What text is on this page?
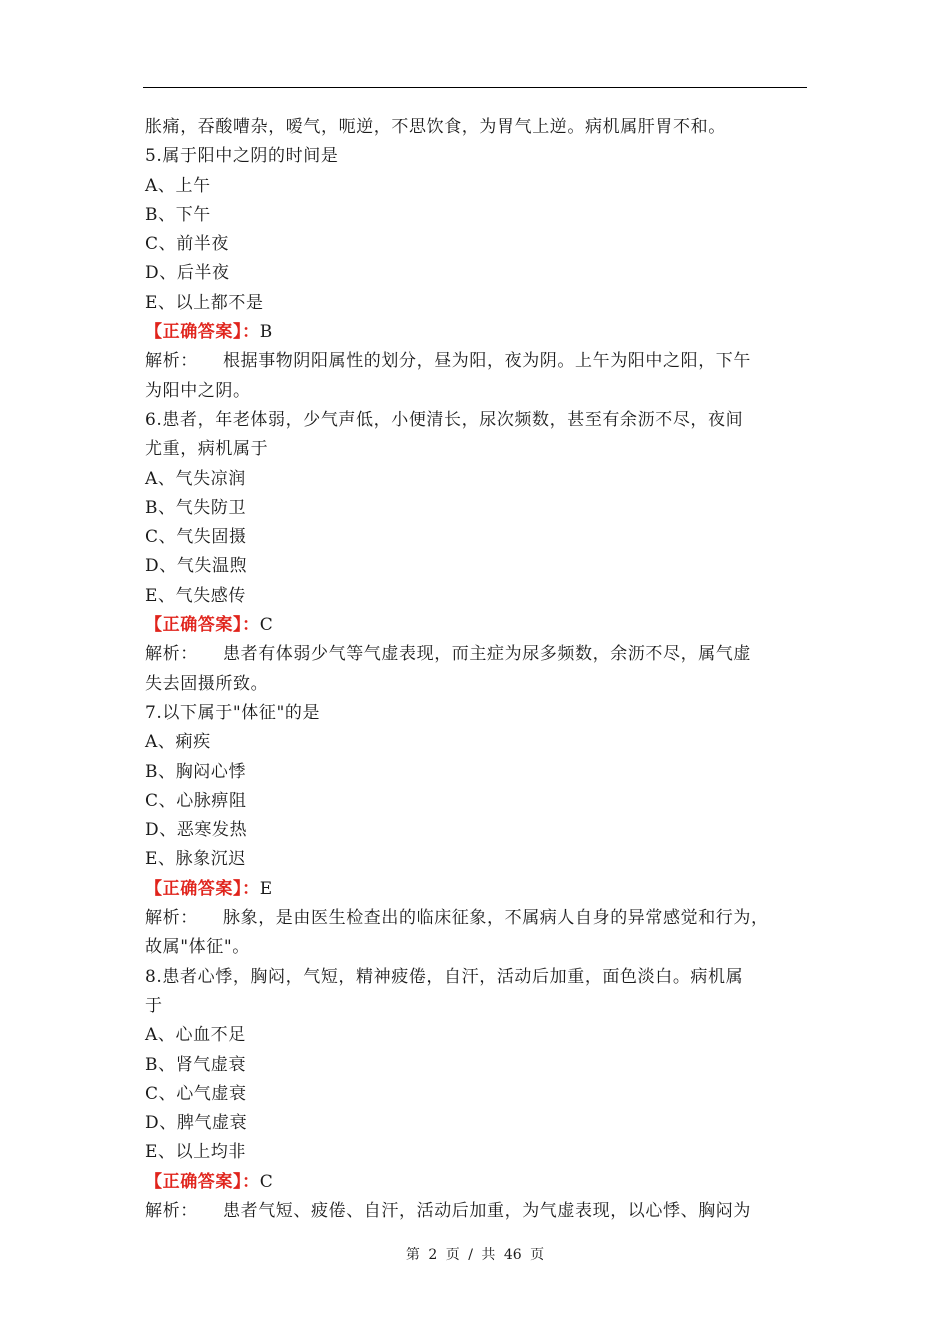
胀痛，吞酸嘈杂，嗳气，呃逆，不思饮食，为胃气上逆。病机属肝胃不和。
5.属于阳中之阴的时间是
A、上午
B、下午
C、前半夜
D、后半夜
E、以上都不是
【正确答案】：B
解析： 根据事物阴阳属性的划分，昼为阳，夜为阴。上午为阳中之阳，下午
为阳中之阴。
6.患者，年老体弱，少气声低，小便清长，尿次频数，甚至有余沥不尽，夜间
尤重，病机属于
A、气失凉润
B、气失防卫
C、气失固摄
D、气失温煦
E、气失感传
【正确答案】：C
解析： 患者有体弱少气等气虚表现，而主症为尿多频数，余沥不尽，属气虚
失去固摄所致。
7.以下属于"体征"的是
A、痢疾
B、胸闷心悸
C、心脉痹阻
D、恶寒发热
E、脉象沉迟
【正确答案】：E
解析： 脉象，是由医生检查出的临床征象，不属病人自身的异常感觉和行为，
故属"体征"。
8.患者心悸，胸闷，气短，精神疲倦，自汗，活动后加重，面色淡白。病机属
于
A、心血不足
B、肾气虚衰
C、心气虚衰
D、脾气虚衰
E、以上均非
【正确答案】：C
解析： 患者气短、疲倦、自汗，活动后加重，为气虚表现，以心悸、胸闷为
第 2 页 / 共 46 页
